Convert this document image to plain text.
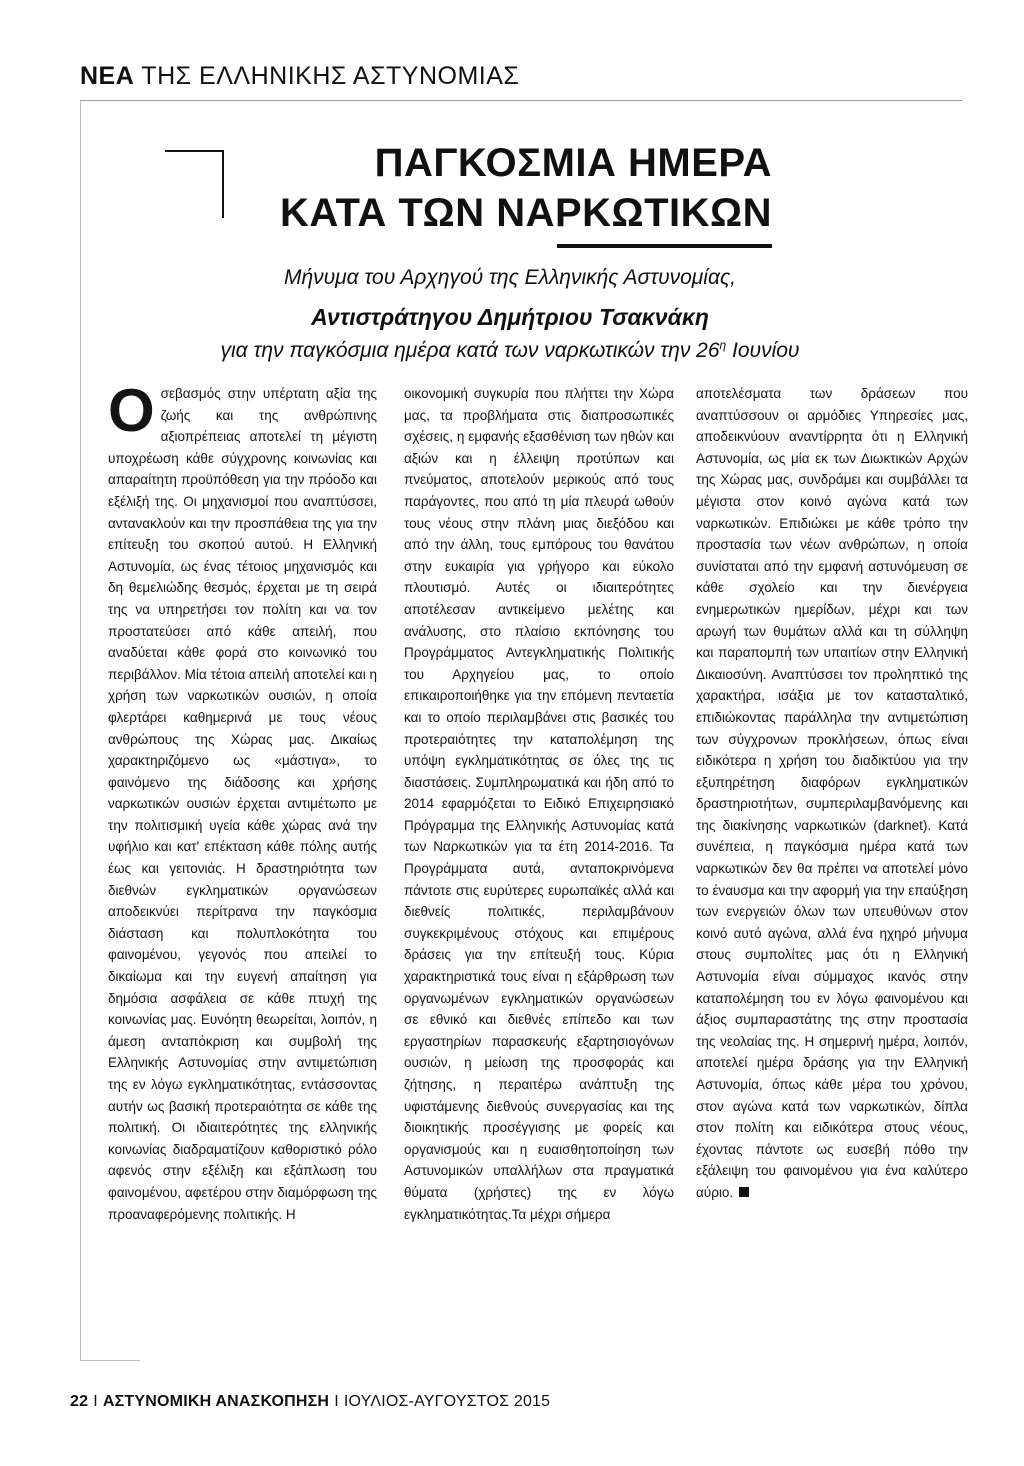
ΝΕΑ ΤΗΣ ΕΛΛΗΝΙΚΗΣ ΑΣΤΥΝΟΜΙΑΣ
ΠΑΓΚΟΣΜΙΑ ΗΜΕΡΑ
ΚΑΤΑ ΤΩΝ ΝΑΡΚΩΤΙΚΩΝ
Μήνυμα του Αρχηγού της Ελληνικής Αστυνομίας,
Αντιστράτηγου Δημήτριου Τσακνάκη
για την παγκόσμια ημέρα κατά των ναρκωτικών την $26^\eta$ Ιουνίου
Οσεβασμός στην υπέρτατη αξία της ζωής και της ανθρώπινης αξιοπρέπειας αποτελεί τη μέγιστη υποχρέωση κάθε σύγχρονης κοινωνίας και απαραίτητη προϋπόθεση για την πρόοδο και εξέλιξή της. Οι μηχανισμοί που αναπτύσσει, αντανακλούν και την προσπάθεια της για την επίτευξη του σκοπού αυτού. Η Ελληνική Αστυνομία, ως ένας τέτοιος μηχανισμός και δη θεμελιώδης θεσμός, έρχεται με τη σειρά της να υπηρετήσει τον πολίτη και να τον προστατεύσει από κάθε απειλή, που αναδύεται κάθε φορά στο κοινωνικό του περιβάλλον. Μία τέτοια απειλή αποτελεί και η χρήση των ναρκωτικών ουσιών, η οποία φλερτάρει καθημερινά με τους νέους ανθρώπους της Χώρας μας. Δικαίως χαρακτηριζόμενο ως «μάστιγα», το φαινόμενο της διάδοσης και χρήσης ναρκωτικών ουσιών έρχεται αντιμέτωπο με την πολιτισμική υγεία κάθε χώρας ανά την υφήλιο και κατ' επέκταση κάθε πόλης αυτής έως και γειτονιάς. Η δραστηριότητα των διεθνών εγκληματικών οργανώσεων αποδεικνύει περίτρανα την παγκόσμια διάσταση και πολυπλοκότητα του φαινομένου, γεγονός που απειλεί το δικαίωμα και την ευγενή απαίτηση για δημόσια ασφάλεια σε κάθε πτυχή της κοινωνίας μας. Ευνόητη θεωρείται, λοιπόν, η άμεση ανταπόκριση και συμβολή της Ελληνικής Αστυνομίας στην αντιμετώπιση της εν λόγω εγκληματικότητας, εντάσσοντας αυτήν ως βασική προτεραιότητα σε κάθε της πολιτική. Οι ιδιαιτερότητες της ελληνικής κοινωνίας διαδραματίζουν καθοριστικό ρόλο αφενός στην εξέλιξη και εξάπλωση του φαινομένου, αφετέρου στην διαμόρφωση της προαναφερόμενης πολιτικής. Η
οικονομική συγκυρία που πλήττει την Χώρα μας, τα προβλήματα στις διαπροσωπικές σχέσεις, η εμφανής εξασθένιση των ηθών και αξιών και η έλλειψη προτύπων και πνεύματος, αποτελούν μερικούς από τους παράγοντες, που από τη μία πλευρά ωθούν τους νέους στην πλάνη μιας διεξόδου και από την άλλη, τους εμπόρους του θανάτου στην ευκαιρία για γρήγορο και εύκολο πλουτισμό. Αυτές οι ιδιαιτερότητες αποτέλεσαν αντικείμενο μελέτης και ανάλυσης, στο πλαίσιο εκπόνησης του Προγράμματος Αντεγκληματικής Πολιτικής του Αρχηγείου μας, το οποίο επικαιροποιήθηκε για την επόμενη πενταετία και το οποίο περιλαμβάνει στις βασικές του προτεραιότητες την καταπολέμηση της υπόψη εγκληματικότητας σε όλες της τις διαστάσεις. Συμπληρωματικά και ήδη από το 2014 εφαρμόζεται το Ειδικό Επιχειρησιακό Πρόγραμμα της Ελληνικής Αστυνομίας κατά των Ναρκωτικών για τα έτη 2014-2016. Τα Προγράμματα αυτά, ανταποκρινόμενα πάντοτε στις ευρύτερες ευρωπαϊκές αλλά και διεθνείς πολιτικές, περιλαμβάνουν συγκεκριμένους στόχους και επιμέρους δράσεις για την επίτευξή τους. Κύρια χαρακτηριστικά τους είναι η εξάρθρωση των οργανωμένων εγκληματικών οργανώσεων σε εθνικό και διεθνές επίπεδο και των εργαστηρίων παρασκευής εξαρτησιογόνων ουσιών, η μείωση της προσφοράς και ζήτησης, η περαιτέρω ανάπτυξη της υφιστάμενης διεθνούς συνεργασίας και της διοικητικής προσέγγισης με φορείς και οργανισμούς και η ευαισθητοποίηση των Αστυνομικών υπαλλήλων στα πραγματικά θύματα (χρήστες) της εν λόγω εγκληματικότητας.Τα μέχρι σήμερα
αποτελέσματα των δράσεων που αναπτύσσουν οι αρμόδιες Υπηρεσίες μας, αποδεικνύουν αναντίρρητα ότι η Ελληνική Αστυνομία, ως μία εκ των Διωκτικών Αρχών της Χώρας μας, συνδράμει και συμβάλλει τα μέγιστα στον κοινό αγώνα κατά των ναρκωτικών. Επιδιώκει με κάθε τρόπο την προστασία των νέων ανθρώπων, η οποία συνίσταται από την εμφανή αστυνόμευση σε κάθε σχολείο και την διενέργεια ενημερωτικών ημερίδων, μέχρι και των αρωγή των θυμάτων αλλά και τη σύλληψη και παραπομπή των υπαιτίων στην Ελληνική Δικαιοσύνη. Αναπτύσσει τον προληπτικό της χαρακτήρα, ισάξια με τον κατασταλτικό, επιδιώκοντας παράλληλα την αντιμετώπιση των σύγχρονων προκλήσεων, όπως είναι ειδικότερα η χρήση του διαδικτύου για την εξυπηρέτηση διαφόρων εγκληματικών δραστηριοτήτων, συμπεριλαμβανόμενης και της διακίνησης ναρκωτικών (darknet). Κατά συνέπεια, η παγκόσμια ημέρα κατά των ναρκωτικών δεν θα πρέπει να αποτελεί μόνο το έναυσμα και την αφορμή για την επαύξηση των ενεργειών όλων των υπευθύνων στον κοινό αυτό αγώνα, αλλά ένα ηχηρό μήνυμα στους συμπολίτες μας ότι η Ελληνική Αστυνομία είναι σύμμαχος ικανός στην καταπολέμηση του εν λόγω φαινομένου και άξιος συμπαραστάτης της στην προστασία της νεολαίας της. Η σημερινή ημέρα, λοιπόν, αποτελεί ημέρα δράσης για την Ελληνική Αστυνομία, όπως κάθε μέρα του χρόνου, στον αγώνα κατά των ναρκωτικών, δίπλα στον πολίτη και ειδικότερα στους νέους, έχοντας πάντοτε ως ευσεβή πόθο την εξάλειψη του φαινομένου για ένα καλύτερο αύριο.
22 I ΑΣΤΥΝΟΜΙΚΗ ΑΝΑΣΚΟΠΗΣΗ I ΙΟΥΛΙΟΣ-ΑΥΓΟΥΣΤΟΣ 2015
